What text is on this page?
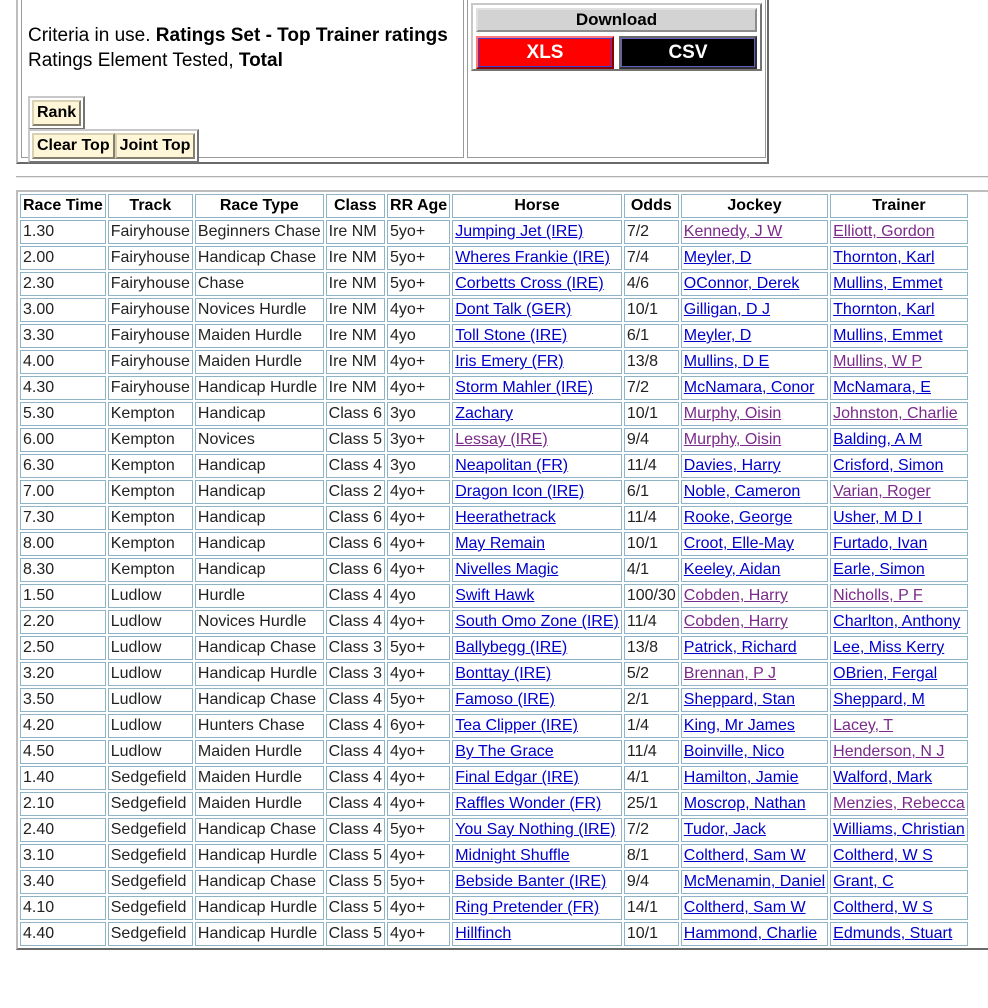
Criteria in use. Ratings Set - Top Trainer ratings
Ratings Element Tested, Total
Rank
Clear Top Joint Top
Download
XLS	CSV
Race Time	Track	Race Type	Class	RR Age	Horse	Odds	Jockey	Trainer
1.30	Fairyhouse	Beginners Chase	Ire NM	5yo+	Jumping Jet (IRE)	7/2	Kennedy, J W	Elliott, Gordon
2.00	Fairyhouse	Handicap Chase	Ire NM	5yo+	Wheres Frankie (IRE)	7/4	Meyler, D	Thornton, Karl
2.30	Fairyhouse	Chase	Ire NM	5yo+	Corbetts Cross (IRE)	4/6	OConnor, Derek	Mullins, Emmet
3.00	Fairyhouse	Novices Hurdle	Ire NM	4yo+	Dont Talk (GER)	10/1	Gilligan, D J	Thornton, Karl
3.30	Fairyhouse	Maiden Hurdle	Ire NM	4yo	Toll Stone (IRE)	6/1	Meyler, D	Mullins, Emmet
4.00	Fairyhouse	Maiden Hurdle	Ire NM	4yo+	Iris Emery (FR)	13/8	Mullins, D E	Mullins, W P
4.30	Fairyhouse	Handicap Hurdle	Ire NM	4yo+	Storm Mahler (IRE)	7/2	McNamara, Conor	McNamara, E
5.30	Kempton	Handicap	Class 6	3yo	Zachary	10/1	Murphy, Oisin	Johnston, Charlie
6.00	Kempton	Novices	Class 5	3yo+	Lessay (IRE)	9/4	Murphy, Oisin	Balding, A M
6.30	Kempton	Handicap	Class 4	3yo	Neapolitan (FR)	11/4	Davies, Harry	Crisford, Simon
7.00	Kempton	Handicap	Class 2	4yo+	Dragon Icon (IRE)	6/1	Noble, Cameron	Varian, Roger
7.30	Kempton	Handicap	Class 6	4yo+	Heerathetrack	11/4	Rooke, George	Usher, M D I
8.00	Kempton	Handicap	Class 6	4yo+	May Remain	10/1	Croot, Elle-May	Furtado, Ivan
8.30	Kempton	Handicap	Class 6	4yo+	Nivelles Magic	4/1	Keeley, Aidan	Earle, Simon
1.50	Ludlow	Hurdle	Class 4	4yo	Swift Hawk	100/30	Cobden, Harry	Nicholls, P F
2.20	Ludlow	Novices Hurdle	Class 4	4yo+	South Omo Zone (IRE)	11/4	Cobden, Harry	Charlton, Anthony
2.50	Ludlow	Handicap Chase	Class 3	5yo+	Ballybegg (IRE)	13/8	Patrick, Richard	Lee, Miss Kerry
3.20	Ludlow	Handicap Hurdle	Class 3	4yo+	Bonttay (IRE)	5/2	Brennan, P J	OBrien, Fergal
3.50	Ludlow	Handicap Chase	Class 4	5yo+	Famoso (IRE)	2/1	Sheppard, Stan	Sheppard, M
4.20	Ludlow	Hunters Chase	Class 4	6yo+	Tea Clipper (IRE)	1/4	King, Mr James	Lacey, T
4.50	Ludlow	Maiden Hurdle	Class 4	4yo+	By The Grace	11/4	Boinville, Nico	Henderson, N J
1.40	Sedgefield	Maiden Hurdle	Class 4	4yo+	Final Edgar (IRE)	4/1	Hamilton, Jamie	Walford, Mark
2.10	Sedgefield	Maiden Hurdle	Class 4	4yo+	Raffles Wonder (FR)	25/1	Moscrop, Nathan	Menzies, Rebecca
2.40	Sedgefield	Handicap Chase	Class 4	5yo+	You Say Nothing (IRE)	7/2	Tudor, Jack	Williams, Christian
3.10	Sedgefield	Handicap Hurdle	Class 5	4yo+	Midnight Shuffle	8/1	Coltherd, Sam W	Coltherd, W S
3.40	Sedgefield	Handicap Chase	Class 5	5yo+	Bebside Banter (IRE)	9/4	McMenamin, Daniel	Grant, C
4.10	Sedgefield	Handicap Hurdle	Class 5	4yo+	Ring Pretender (FR)	14/1	Coltherd, Sam W	Coltherd, W S
4.40	Sedgefield	Handicap Hurdle	Class 5	4yo+	Hillfinch	10/1	Hammond, Charlie	Edmunds, Stuart
